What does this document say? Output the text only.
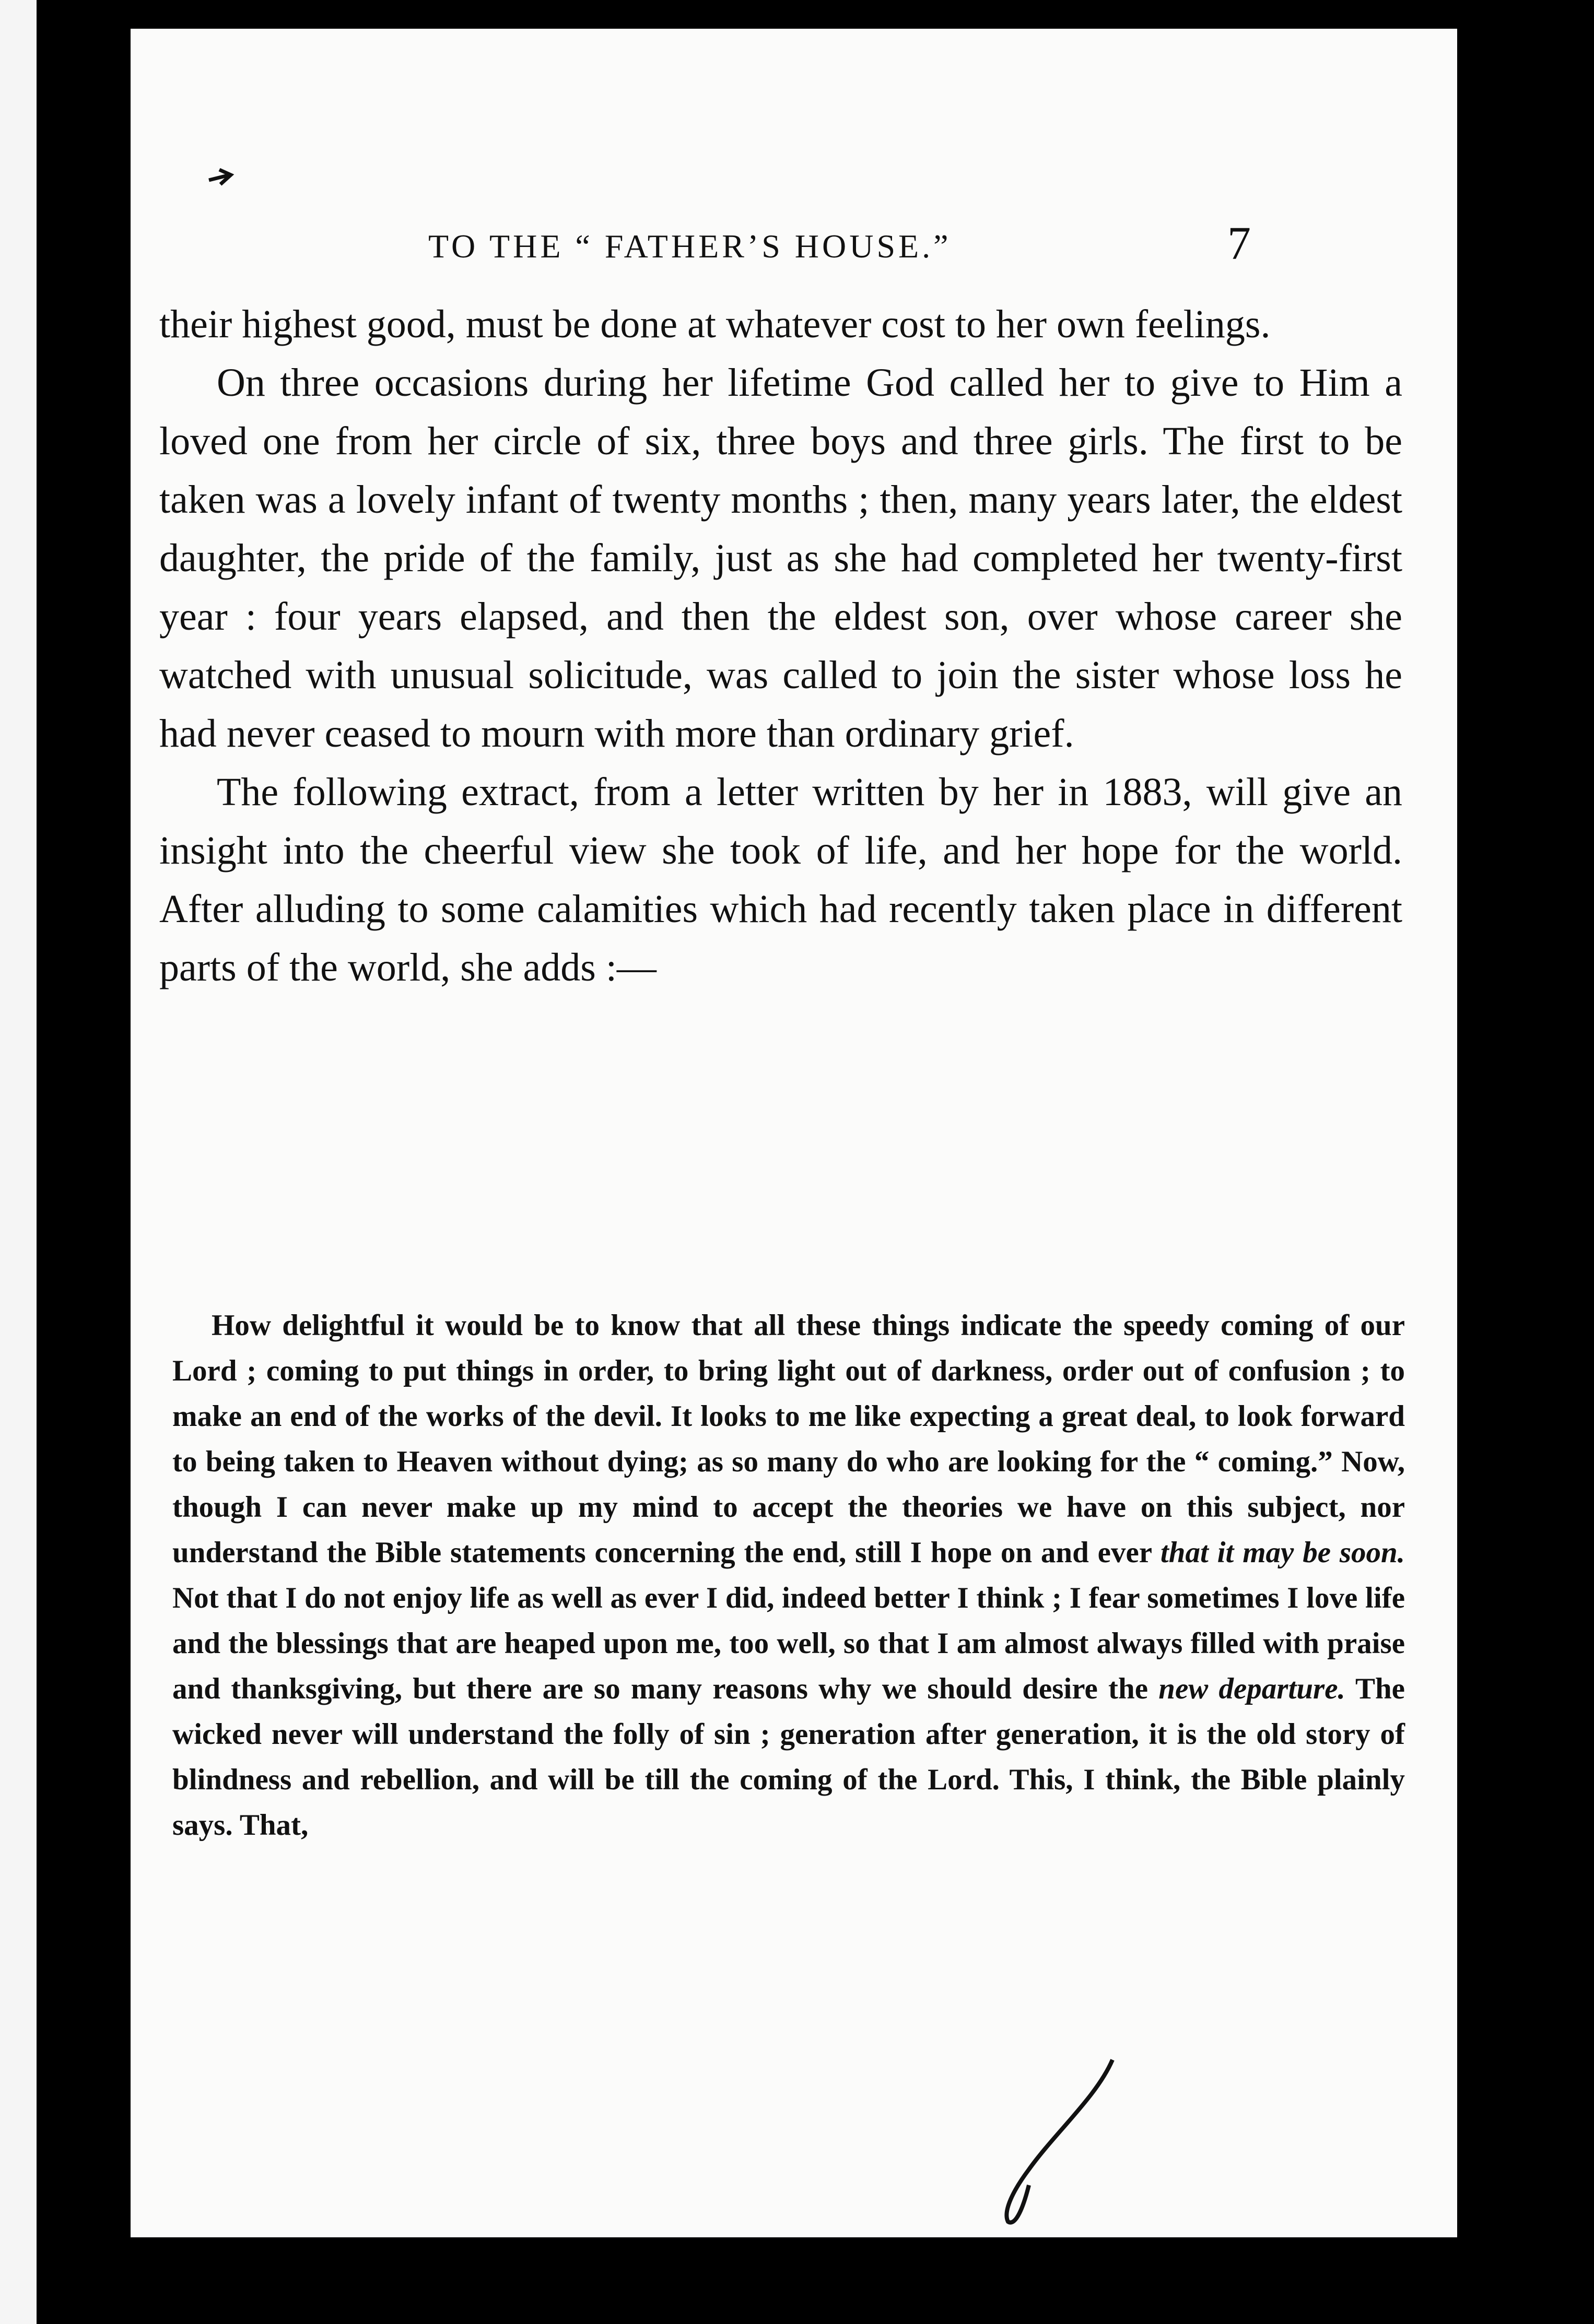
TO THE “ FATHER’S HOUSE.”	7

their highest good, must be done at whatever cost to her own feelings.

On three occasions during her lifetime God called her to give to Him a loved one from her circle of six, three boys and three girls. The first to be taken was a lovely infant of twenty months ; then, many years later, the eldest daughter, the pride of the family, just as she had completed her twenty-first year : four years elapsed, and then the eldest son, over whose career she watched with unusual solicitude, was called to join the sister whose loss he had never ceased to mourn with more than ordinary grief.

The following extract, from a letter written by her in 1883, will give an insight into the cheerful view she took of life, and her hope for the world. After alluding to some calamities which had recently taken place in different parts of the world, she adds :—

How delightful it would be to know that all these things indicate the speedy coming of our Lord ; coming to put things in order, to bring light out of darkness, order out of confusion ; to make an end of the works of the devil. It looks to me like expecting a great deal, to look forward to being taken to Heaven without dying; as so many do who are looking for the “ coming.” Now, though I can never make up my mind to accept the theories we have on this subject, nor understand the Bible statements concerning the end, still I hope on and ever that it may be soon. Not that I do not enjoy life as well as ever I did, indeed better I think ; I fear sometimes I love life and the blessings that are heaped upon me, too well, so that I am almost always filled with praise and thanksgiving, but there are so many reasons why we should desire the new departure. The wicked never will understand the folly of sin ; generation after generation, it is the old story of blindness and rebellion, and will be till the coming of the Lord. This, I think, the Bible plainly says. That,
